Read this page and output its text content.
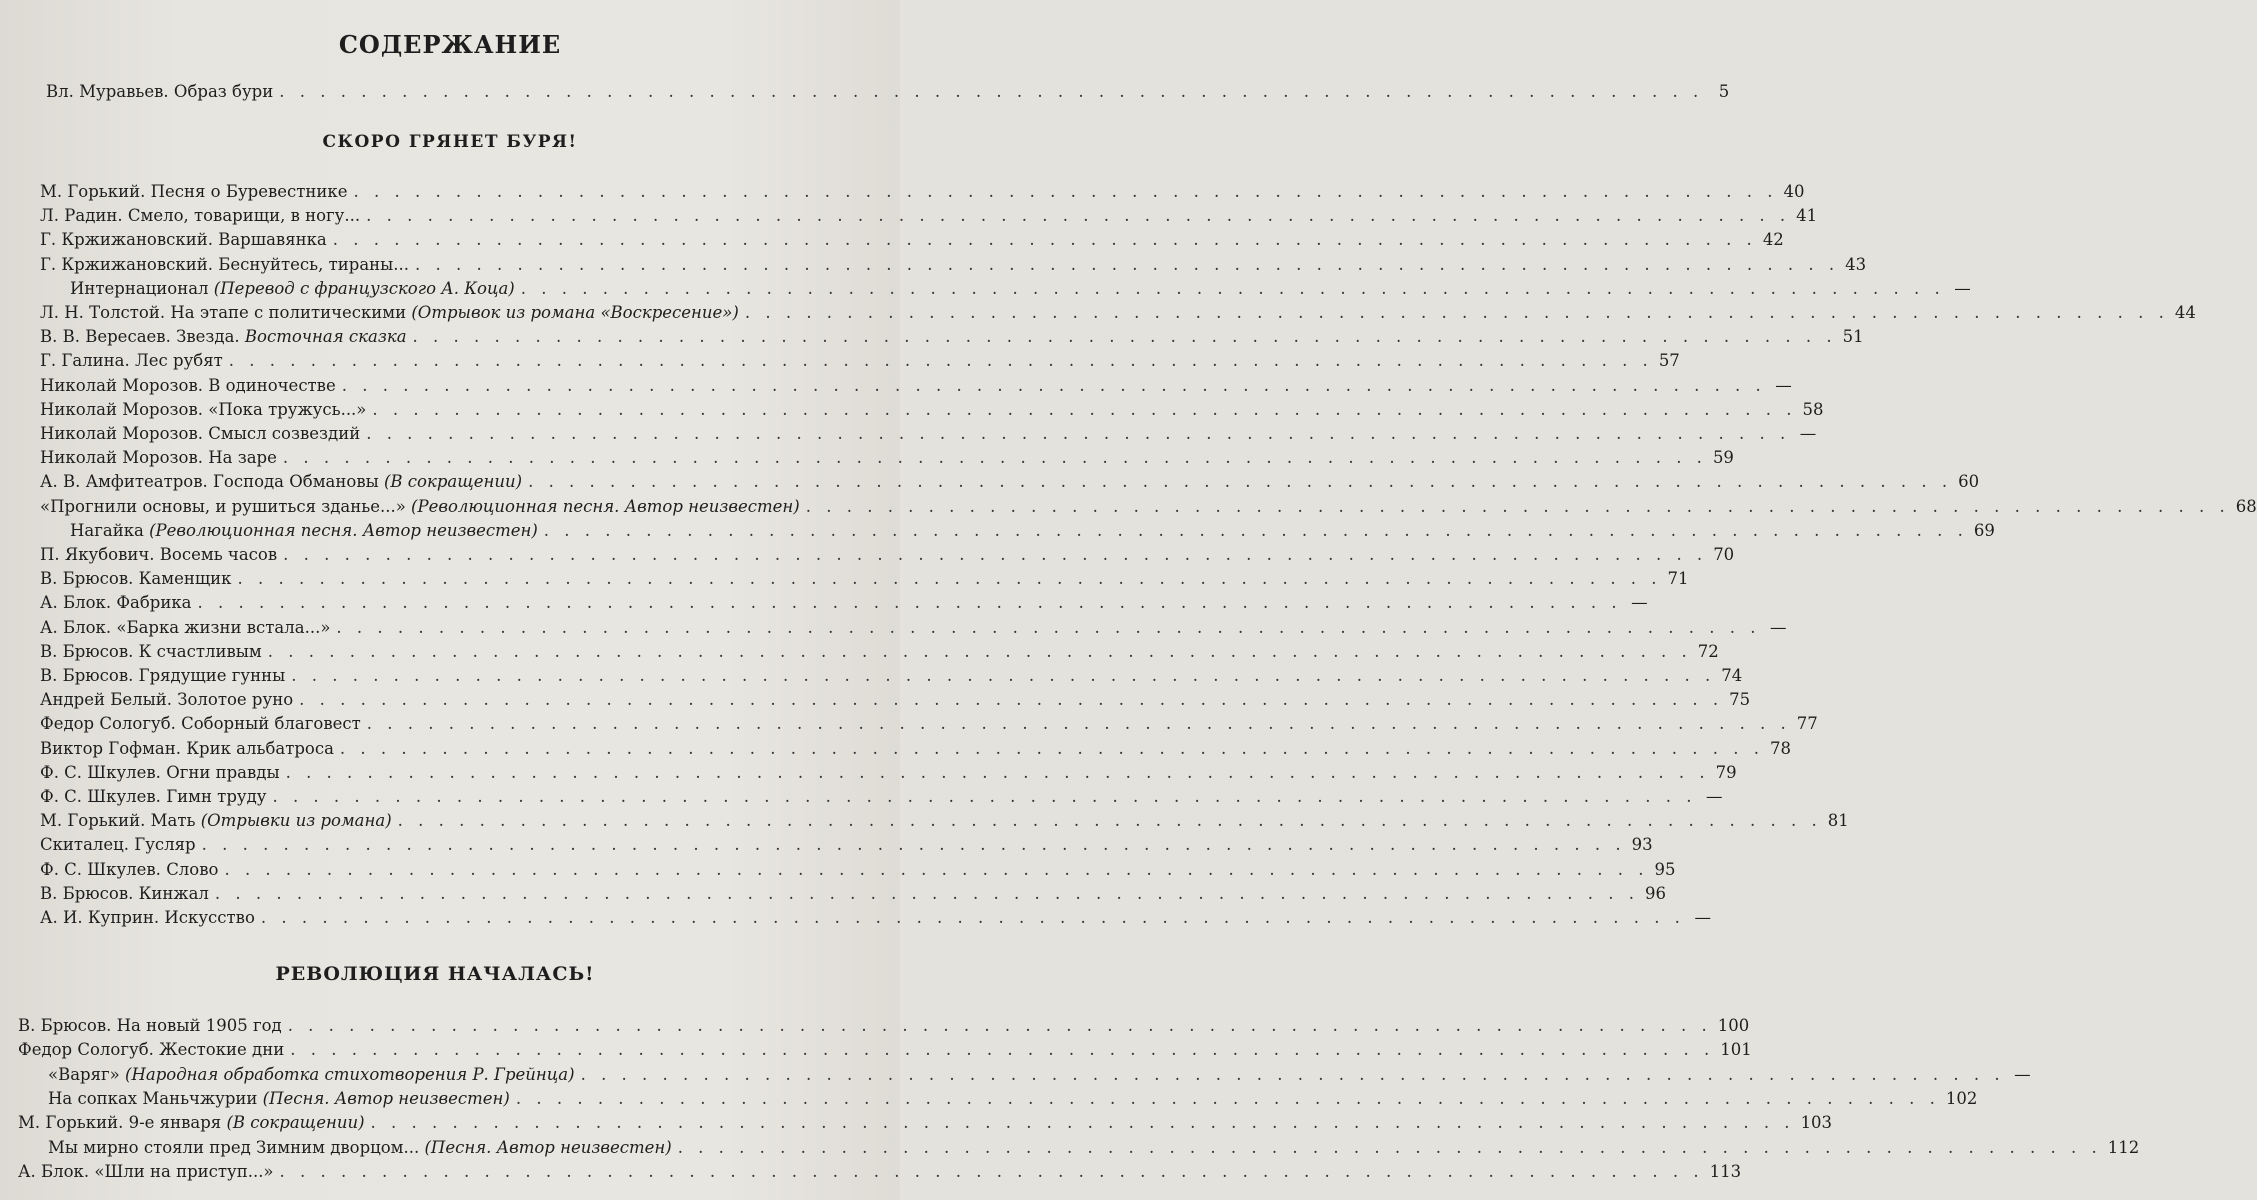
СОДЕРЖАНИЕ
Вл. Муравьев. Образ бури . . . . . . . . . . . . . . . . . . . . . . . . . . . . . . . . . . . . . . . . . . . . . . . . . . . . . . . . . . . . . . . . . . . . . . 5
СКОРО ГРЯНЕТ БУРЯ!
М. Горький. Песня о Буревестнике . . . . . . . . . . . . . . . . . . . . . . . . . . . . . . . . . . . . . . . . . . . . . . . . . . . . . . . . . . . . . . . . . . . . . . 40
Л. Радин. Смело, товарищи, в ногу... . . . . . . . . . . . . . . . . . . . . . . . . . . . . . . . . . . . . . . . . . . . . . . . . . . . . . . . . . . . . . . . . . . . . . . 41
Г. Кржижановский. Варшавянка . . . . . . . . . . . . . . . . . . . . . . . . . . . . . . . . . . . . . . . . . . . . . . . . . . . . . . . . . . . . . . . . . . . . . . 42
Г. Кржижановский. Беснуйтесь, тираны... . . . . . . . . . . . . . . . . . . . . . . . . . . . . . . . . . . . . . . . . . . . . . . . . . . . . . . . . . . . . . . . . . . . . . . 43
Интернационал (Перевод с французского А. Коца) . . . . . . . . . . . . . . . . . . . . . . . . . . . . . . . . . . . . . . . . . . . . . . . . . . . . . . . . . . . . . . . . . . . . . . —
Л. Н. Толстой. На этапе с политическими (Отрывок из романа «Воскресение») . . . . . . . . . . . . . . . . . . . . . . . . . . . . . . . . . . . . . . . . . . . . . . . . . . . . . . . . . . . . . . . . . . . . . . 44
В. В. Вересаев. Звезда. Восточная сказка . . . . . . . . . . . . . . . . . . . . . . . . . . . . . . . . . . . . . . . . . . . . . . . . . . . . . . . . . . . . . . . . . . . . . . 51
Г. Галина. Лес рубят . . . . . . . . . . . . . . . . . . . . . . . . . . . . . . . . . . . . . . . . . . . . . . . . . . . . . . . . . . . . . . . . . . . . . . 57
Николай Морозов. В одиночестве . . . . . . . . . . . . . . . . . . . . . . . . . . . . . . . . . . . . . . . . . . . . . . . . . . . . . . . . . . . . . . . . . . . . . . —
Николай Морозов. «Пока тружусь...» . . . . . . . . . . . . . . . . . . . . . . . . . . . . . . . . . . . . . . . . . . . . . . . . . . . . . . . . . . . . . . . . . . . . . . 58
Николай Морозов. Смысл созвездий . . . . . . . . . . . . . . . . . . . . . . . . . . . . . . . . . . . . . . . . . . . . . . . . . . . . . . . . . . . . . . . . . . . . . . —
Николай Морозов. На заре . . . . . . . . . . . . . . . . . . . . . . . . . . . . . . . . . . . . . . . . . . . . . . . . . . . . . . . . . . . . . . . . . . . . . . 59
А. В. Амфитеатров. Господа Обмановы (В сокращении) . . . . . . . . . . . . . . . . . . . . . . . . . . . . . . . . . . . . . . . . . . . . . . . . . . . . . . . . . . . . . . . . . . . . . . 60
«Прогнили основы, и рушиться зданье...» (Революционная песня. Автор неизвестен) . . . . . . . . . . . . . . . . . . . . . . . . . . . . . . . . . . . . . . . . . . . . . . . . . . . . . . . . . . . . . . . . . . . . . . 68
Нагайка (Революционная песня. Автор неизвестен) . . . . . . . . . . . . . . . . . . . . . . . . . . . . . . . . . . . . . . . . . . . . . . . . . . . . . . . . . . . . . . . . . . . . . . 69
П. Якубович. Восемь часов . . . . . . . . . . . . . . . . . . . . . . . . . . . . . . . . . . . . . . . . . . . . . . . . . . . . . . . . . . . . . . . . . . . . . . 70
В. Брюсов. Каменщик . . . . . . . . . . . . . . . . . . . . . . . . . . . . . . . . . . . . . . . . . . . . . . . . . . . . . . . . . . . . . . . . . . . . . . 71
А. Блок. Фабрика . . . . . . . . . . . . . . . . . . . . . . . . . . . . . . . . . . . . . . . . . . . . . . . . . . . . . . . . . . . . . . . . . . . . . . —
А. Блок. «Барка жизни встала...» . . . . . . . . . . . . . . . . . . . . . . . . . . . . . . . . . . . . . . . . . . . . . . . . . . . . . . . . . . . . . . . . . . . . . . —
В. Брюсов. К счастливым . . . . . . . . . . . . . . . . . . . . . . . . . . . . . . . . . . . . . . . . . . . . . . . . . . . . . . . . . . . . . . . . . . . . . . 72
В. Брюсов. Грядущие гунны . . . . . . . . . . . . . . . . . . . . . . . . . . . . . . . . . . . . . . . . . . . . . . . . . . . . . . . . . . . . . . . . . . . . . . 74
Андрей Белый. Золотое руно . . . . . . . . . . . . . . . . . . . . . . . . . . . . . . . . . . . . . . . . . . . . . . . . . . . . . . . . . . . . . . . . . . . . . . 75
Федор Сологуб. Соборный благовест . . . . . . . . . . . . . . . . . . . . . . . . . . . . . . . . . . . . . . . . . . . . . . . . . . . . . . . . . . . . . . . . . . . . . . 77
Виктор Гофман. Крик альбатроса . . . . . . . . . . . . . . . . . . . . . . . . . . . . . . . . . . . . . . . . . . . . . . . . . . . . . . . . . . . . . . . . . . . . . . 78
Ф. С. Шкулев. Огни правды . . . . . . . . . . . . . . . . . . . . . . . . . . . . . . . . . . . . . . . . . . . . . . . . . . . . . . . . . . . . . . . . . . . . . . 79
Ф. С. Шкулев. Гимн труду . . . . . . . . . . . . . . . . . . . . . . . . . . . . . . . . . . . . . . . . . . . . . . . . . . . . . . . . . . . . . . . . . . . . . . —
М. Горький. Мать (Отрывки из романа) . . . . . . . . . . . . . . . . . . . . . . . . . . . . . . . . . . . . . . . . . . . . . . . . . . . . . . . . . . . . . . . . . . . . . . 81
Скиталец. Гусляр . . . . . . . . . . . . . . . . . . . . . . . . . . . . . . . . . . . . . . . . . . . . . . . . . . . . . . . . . . . . . . . . . . . . . . 93
Ф. С. Шкулев. Слово . . . . . . . . . . . . . . . . . . . . . . . . . . . . . . . . . . . . . . . . . . . . . . . . . . . . . . . . . . . . . . . . . . . . . . 95
В. Брюсов. Кинжал . . . . . . . . . . . . . . . . . . . . . . . . . . . . . . . . . . . . . . . . . . . . . . . . . . . . . . . . . . . . . . . . . . . . . . 96
А. И. Куприн. Искусство . . . . . . . . . . . . . . . . . . . . . . . . . . . . . . . . . . . . . . . . . . . . . . . . . . . . . . . . . . . . . . . . . . . . . . —
РЕВОЛЮЦИЯ НАЧАЛАСЬ!
В. Брюсов. На новый 1905 год . . . . . . . . . . . . . . . . . . . . . . . . . . . . . . . . . . . . . . . . . . . . . . . . . . . . . . . . . . . . . . . . . . . . . . 100
Федор Сологуб. Жестокие дни . . . . . . . . . . . . . . . . . . . . . . . . . . . . . . . . . . . . . . . . . . . . . . . . . . . . . . . . . . . . . . . . . . . . . . 101
«Варяг» (Народная обработка стихотворения Р. Грейнца) . . . . . . . . . . . . . . . . . . . . . . . . . . . . . . . . . . . . . . . . . . . . . . . . . . . . . . . . . . . . . . . . . . . . . . —
На сопках Маньчжурии (Песня. Автор неизвестен) . . . . . . . . . . . . . . . . . . . . . . . . . . . . . . . . . . . . . . . . . . . . . . . . . . . . . . . . . . . . . . . . . . . . . . 102
М. Горький. 9-е января (В сокращении) . . . . . . . . . . . . . . . . . . . . . . . . . . . . . . . . . . . . . . . . . . . . . . . . . . . . . . . . . . . . . . . . . . . . . . 103
Мы мирно стояли пред Зимним дворцом... (Песня. Автор неизвестен) . . . . . . . . . . . . . . . . . . . . . . . . . . . . . . . . . . . . . . . . . . . . . . . . . . . . . . . . . . . . . . . . . . . . . . 112
А. Блок. «Шли на приступ...» . . . . . . . . . . . . . . . . . . . . . . . . . . . . . . . . . . . . . . . . . . . . . . . . . . . . . . . . . . . . . . . . . . . . . . 113
